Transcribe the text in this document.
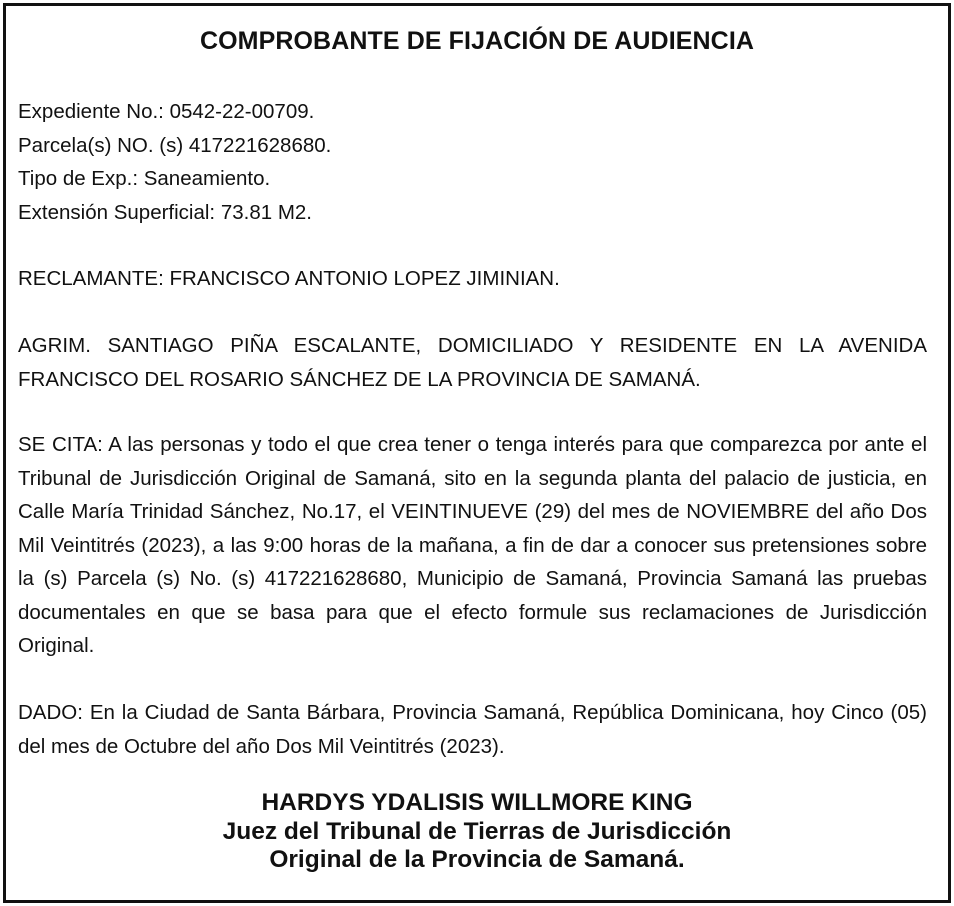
COMPROBANTE DE FIJACIÓN DE AUDIENCIA
Expediente No.: 0542-22-00709.
Parcela(s) NO. (s) 417221628680.
Tipo de Exp.: Saneamiento.
Extensión Superficial: 73.81 M2.
RECLAMANTE: FRANCISCO ANTONIO LOPEZ JIMINIAN.
AGRIM. SANTIAGO PIÑA ESCALANTE, DOMICILIADO Y RESIDENTE EN LA AVENIDA FRANCISCO DEL ROSARIO SÁNCHEZ DE LA PROVINCIA DE SAMANÁ.
SE CITA: A las personas y todo el que crea tener o tenga interés para que comparezca por ante el Tribunal de Jurisdicción Original de Samaná, sito en la segunda planta del palacio de justicia, en Calle María Trinidad Sánchez, No.17, el VEINTINUEVE (29) del mes de NOVIEMBRE del año Dos Mil Veintitrés (2023), a las 9:00 horas de la mañana, a fin de dar a conocer sus pretensiones sobre la (s) Parcela (s) No. (s) 417221628680, Municipio de Samaná, Provincia Samaná las pruebas documentales en que se basa para que el efecto formule sus reclamaciones de Jurisdicción Original.
DADO: En la Ciudad de Santa Bárbara, Provincia Samaná, República Dominicana, hoy Cinco (05) del mes de Octubre del año Dos Mil Veintitrés (2023).
HARDYS YDALISIS WILLMORE KING
Juez del Tribunal de Tierras de Jurisdicción
Original de la Provincia de Samaná.
